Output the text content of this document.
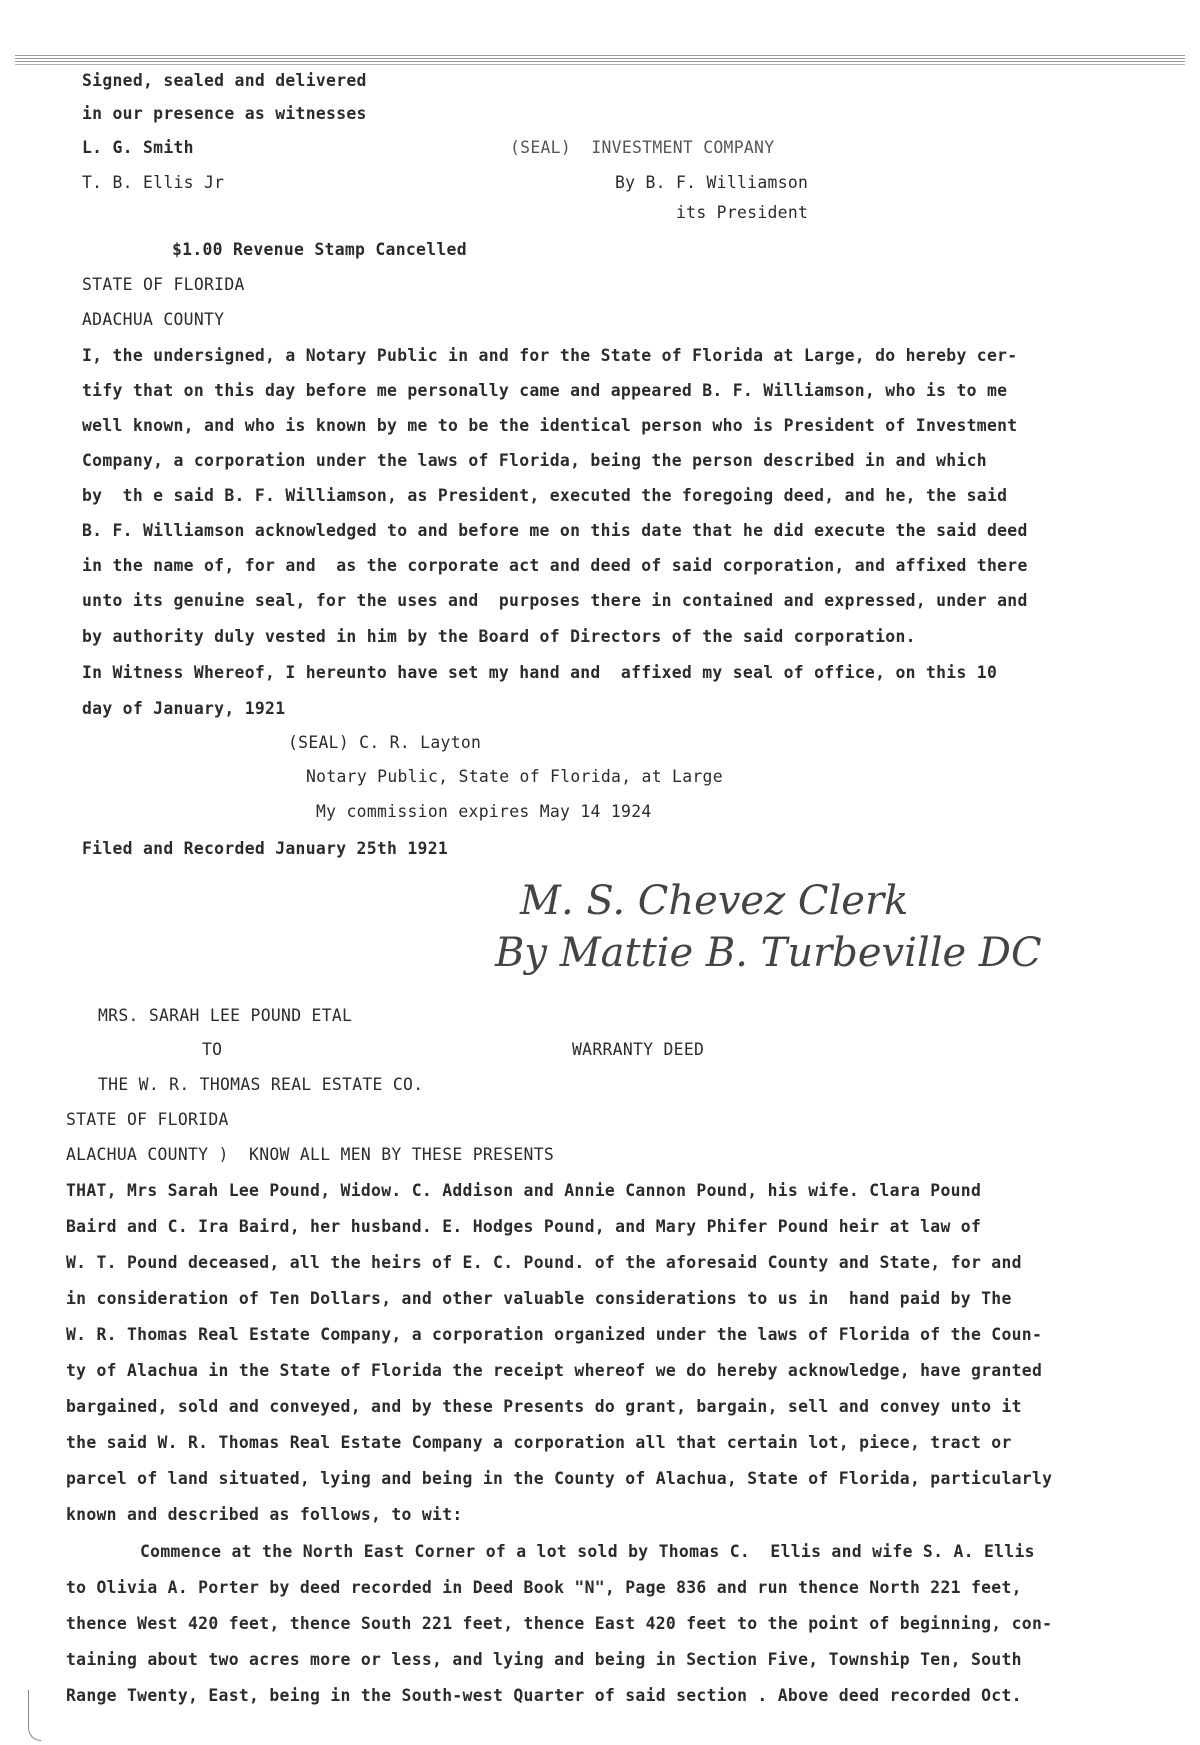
Signed, sealed and delivered
in our presence as witnesses
L. G. Smith	(SEAL)  INVESTMENT COMPANY
T. B. Ellis Jr	By B. F. Williamson
its President
$1.00 Revenue Stamp Cancelled
STATE OF FLORIDA
ADACHUA COUNTY
I, the undersigned, a Notary Public in and for the State of Florida at Large, do hereby cer-
tify that on this day before me personally came and appeared B. F. Williamson, who is to me
well known, and who is known by me to be the identical person who is President of Investment
Company, a corporation under the laws of Florida, being the person described in and which
by  th e said B. F. Williamson, as President, executed the foregoing deed, and he, the said
B. F. Williamson acknowledged to and before me on this date that he did execute the said deed
in the name of, for and  as the corporate act and deed of said corporation, and affixed there
unto its genuine seal, for the uses and  purposes there in contained and expressed, under and
by authority duly vested in him by the Board of Directors of the said corporation.
In Witness Whereof, I hereunto have set my hand and  affixed my seal of office, on this 10
day of January, 1921
(SEAL) C. R. Layton
Notary Public, State of Florida, at Large
My commission expires May 14 1924
Filed and Recorded January 25th 1921
M. S. Chevez Clerk
By Mattie B. Turbeville DC
MRS. SARAH LEE POUND ETAL
TO	WARRANTY DEED
THE W. R. THOMAS REAL ESTATE CO.
STATE OF FLORIDA
ALACHUA COUNTY )  KNOW ALL MEN BY THESE PRESENTS
THAT, Mrs Sarah Lee Pound, Widow. C. Addison and Annie Cannon Pound, his wife. Clara Pound
Baird and C. Ira Baird, her husband. E. Hodges Pound, and Mary Phifer Pound heir at law of
W. T. Pound deceased, all the heirs of E. C. Pound. of the aforesaid County and State, for and
in consideration of Ten Dollars, and other valuable considerations to us in  hand paid by The
W. R. Thomas Real Estate Company, a corporation organized under the laws of Florida of the Coun-
ty of Alachua in the State of Florida the receipt whereof we do hereby acknowledge, have granted
bargained, sold and conveyed, and by these Presents do grant, bargain, sell and convey unto it
the said W. R. Thomas Real Estate Company a corporation all that certain lot, piece, tract or
parcel of land situated, lying and being in the County of Alachua, State of Florida, particularly
known and described as follows, to wit:
Commence at the North East Corner of a lot sold by Thomas C.  Ellis and wife S. A. Ellis
to Olivia A. Porter by deed recorded in Deed Book "N", Page 836 and run thence North 221 feet,
thence West 420 feet, thence South 221 feet, thence East 420 feet to the point of beginning, con-
taining about two acres more or less, and lying and being in Section Five, Township Ten, South
Range Twenty, East, being in the South-west Quarter of said section . Above deed recorded Oct.
